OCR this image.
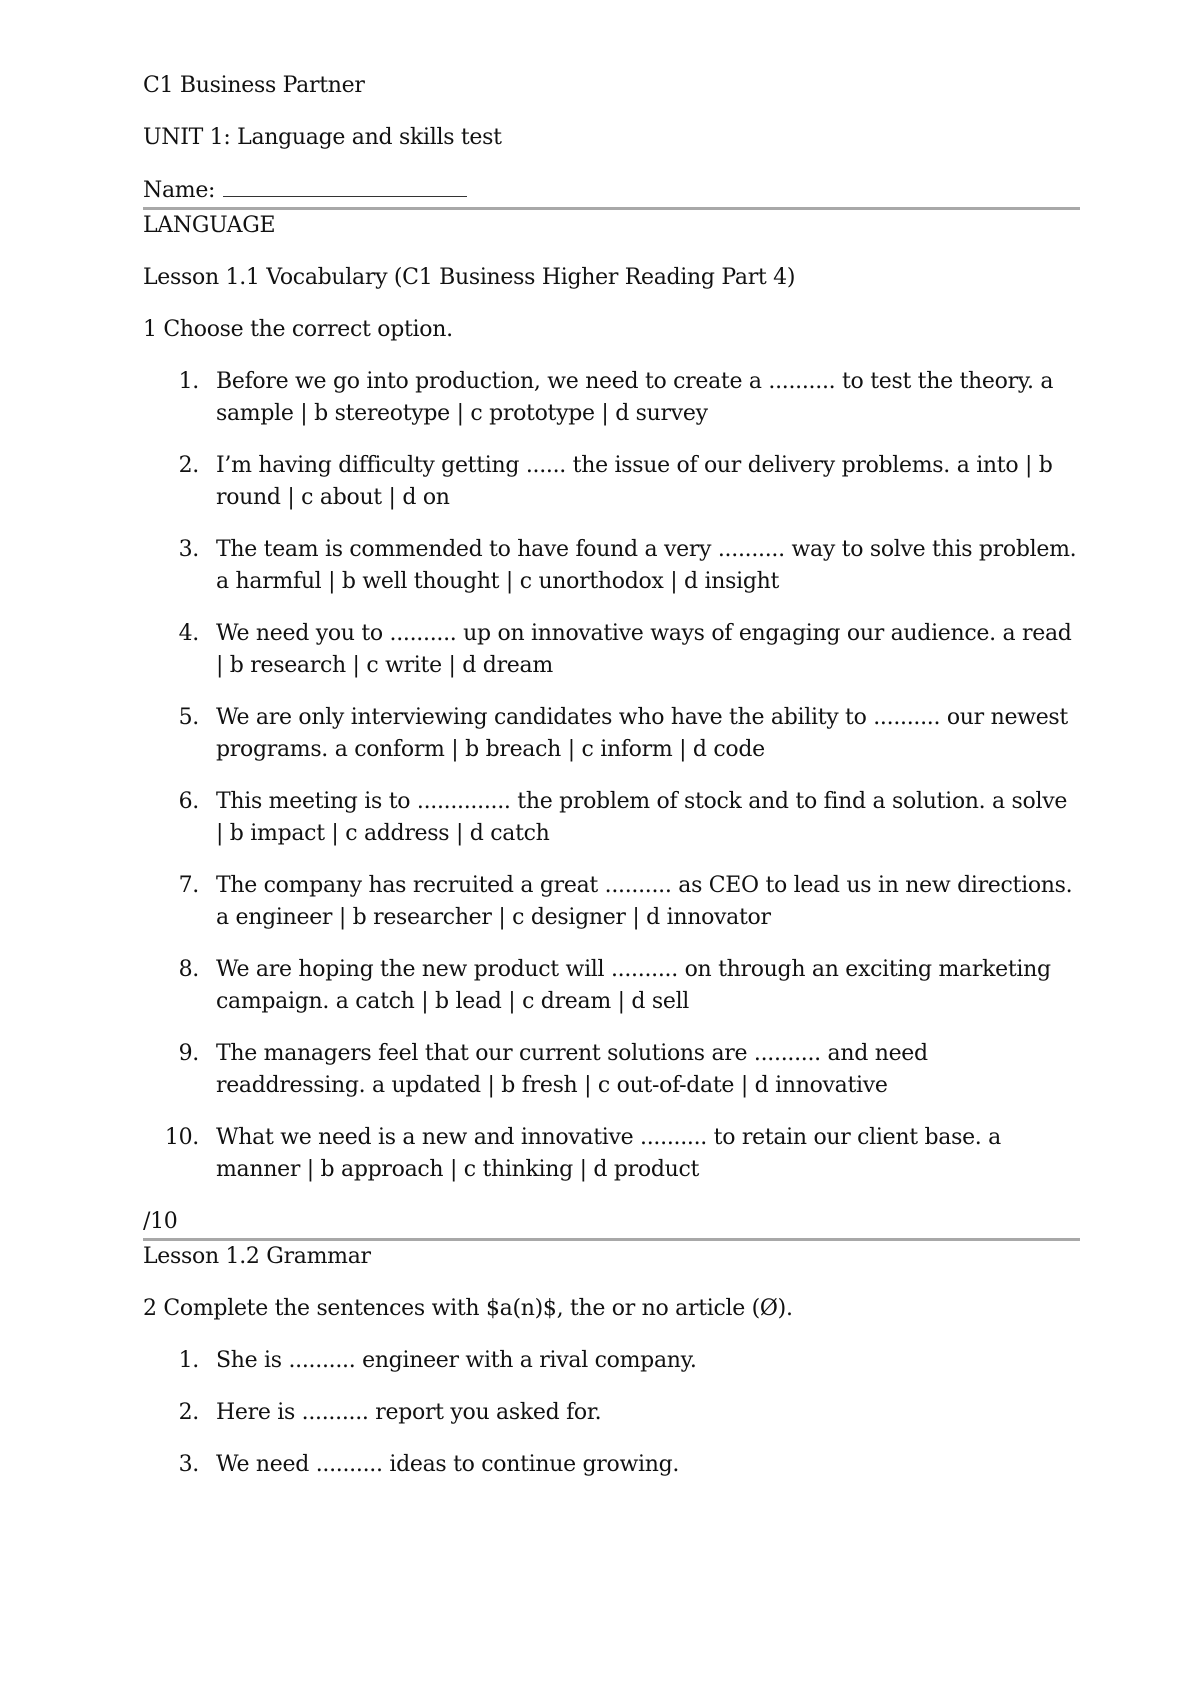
C1 Business Partner

UNIT 1: Language and skills test

Name:

LANGUAGE

Lesson 1.1 Vocabulary (C1 Business Higher Reading Part 4)

1 Choose the correct option.

1. Before we go into production, we need to create a .......... to test the theory. a sample | b stereotype | c prototype | d survey
2. I’m having difficulty getting ...... the issue of our delivery problems. a into | b round | c about | d on
3. The team is commended to have found a very .......... way to solve this problem. a harmful | b well thought | c unorthodox | d insight
4. We need you to .......... up on innovative ways of engaging our audience. a read | b research | c write | d dream
5. We are only interviewing candidates who have the ability to .......... our newest programs. a conform | b breach | c inform | d code
6. This meeting is to .............. the problem of stock and to find a solution. a solve | b impact | c address | d catch
7. The company has recruited a great .......... as CEO to lead us in new directions. a engineer | b researcher | c designer | d innovator
8. We are hoping the new product will .......... on through an exciting marketing campaign. a catch | b lead | c dream | d sell
9. The managers feel that our current solutions are .......... and need readdressing. a updated | b fresh | c out-of-date | d innovative
10. What we need is a new and innovative .......... to retain our client base. a manner | b approach | c thinking | d product

/10

Lesson 1.2 Grammar

2 Complete the sentences with $a(n)$, the or no article (Ø).

1. She is .......... engineer with a rival company.
2. Here is .......... report you asked for.
3. We need .......... ideas to continue growing.
